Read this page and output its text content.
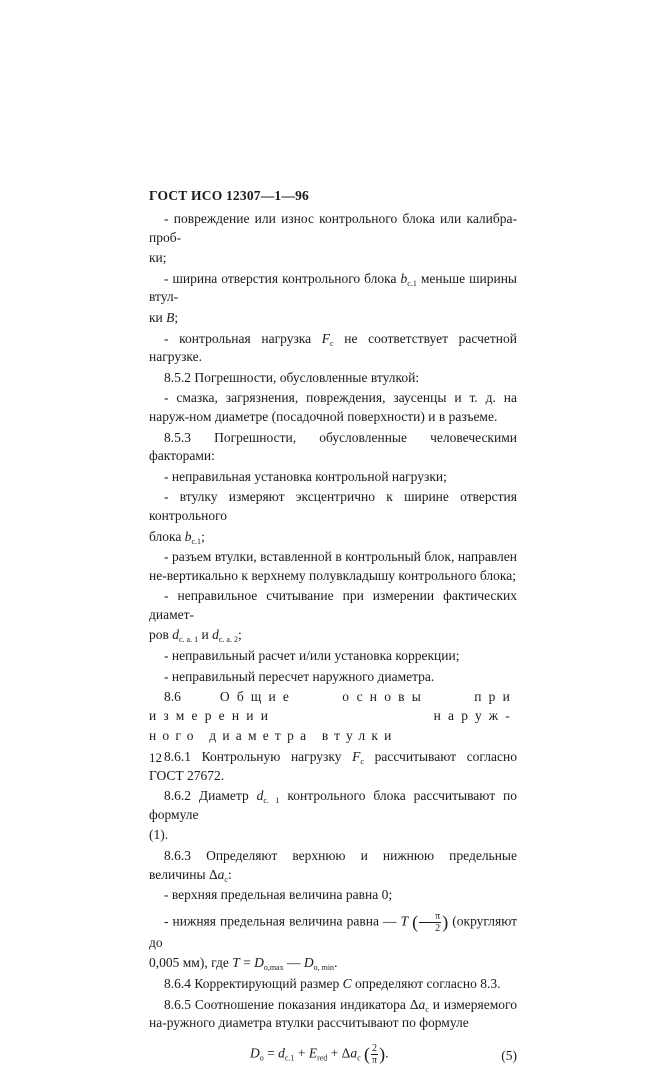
ГОСТ ИСО 12307—1—96

- повреждение или износ контрольного блока или калибра-проб-

ки;

- ширина отверстия контрольного блока $b_{c.1}$ меньше ширины втул-

ки B;

- контрольная нагрузка $F_c$ не соответствует расчетной нагрузке.

8.5.2 Погрешности, обусловленные втулкой:

- смазка, загрязнения, повреждения, заусенцы и т. д. на наруж-ном диаметре (посадочной поверхности) и в разъеме.

8.5.3 Погрешности, обусловленные человеческими факторами:

- неправильная установка контрольной нагрузки;

- втулку измеряют эксцентрично к ширине отверстия контрольного

блока $b_{c.1}$;

- разъем втулки, вставленной в контрольный блок, направлен не-вертикально к верхнему полувкладышу контрольного блока;

- неправильное считывание при измерении фактических диамет-

ров $d_{c. a. 1}$ и $d_{c. a. 2}$;

- неправильный расчет и/или установка коррекции;

- неправильный пересчет наружного диаметра.

8.6 Общие основы при измерении наруж-

ного диаметра втулки

8.6.1 Контрольную нагрузку $F_c$ рассчитывают согласно ГОСТ 27672.

8.6.2 Диаметр $d_{c. 1}$ контрольного блока рассчитывают по формуле

(1).

8.6.3 Определяют верхнюю и нижнюю предельные величины $\Delta a_c$:

- верхняя предельная величина равна 0;

- нижняя предельная величина равна — T ( $\frac{\pi}{2}$ ) (округляют до

0,005 мм), где $T = D_{o,max}$ — $D_{o, min}$.

8.6.4 Корректирующий размер C определяют согласно 8.3.

8.6.5 Соотношение показания индикатора $\Delta a_c$ и измеряемого на-ружного диаметра втулки рассчитывают по формуле

$D_o = d_{c.1} + E_{red} + \Delta a_c$ ( $\frac{2}{\pi}$ ).	(5)
12
